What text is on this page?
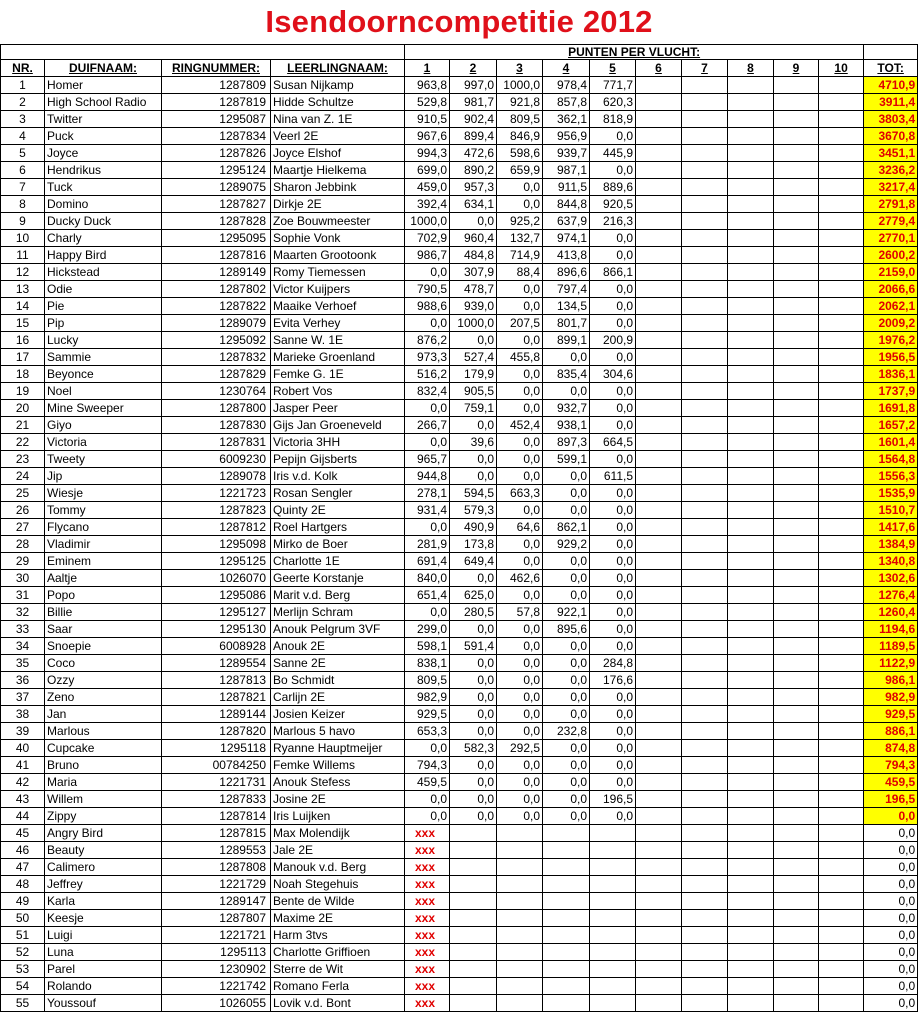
Isendoorncompetitie 2012
				PUNTEN PER VLUCHT:										
NR.	DUIFNAAM:	RINGNUMMER:	LEERLINGNAAM:	1	2	3	4	5	6	7	8	9	10	TOT:
1	Homer	1287809	Susan Nijkamp	963,8	997,0	1000,0	978,4	771,7						4710,9
2	High School Radio	1287819	Hidde Schultze	529,8	981,7	921,8	857,8	620,3						3911,4
3	Twitter	1295087	Nina van Z. 1E	910,5	902,4	809,5	362,1	818,9						3803,4
4	Puck	1287834	Veerl 2E	967,6	899,4	846,9	956,9	0,0						3670,8
5	Joyce	1287826	Joyce Elshof	994,3	472,6	598,6	939,7	445,9						3451,1
6	Hendrikus	1295124	Maartje Hielkema	699,0	890,2	659,9	987,1	0,0						3236,2
7	Tuck	1289075	Sharon Jebbink	459,0	957,3	0,0	911,5	889,6						3217,4
8	Domino	1287827	Dirkje 2E	392,4	634,1	0,0	844,8	920,5						2791,8
9	Ducky Duck	1287828	Zoe Bouwmeester	1000,0	0,0	925,2	637,9	216,3						2779,4
10	Charly	1295095	Sophie Vonk	702,9	960,4	132,7	974,1	0,0						2770,1
11	Happy Bird	1287816	Maarten Grootoonk	986,7	484,8	714,9	413,8	0,0						2600,2
12	Hickstead	1289149	Romy Tiemessen	0,0	307,9	88,4	896,6	866,1						2159,0
13	Odie	1287802	Victor Kuijpers	790,5	478,7	0,0	797,4	0,0						2066,6
14	Pie	1287822	Maaike Verhoef	988,6	939,0	0,0	134,5	0,0						2062,1
15	Pip	1289079	Evita Verhey	0,0	1000,0	207,5	801,7	0,0						2009,2
16	Lucky	1295092	Sanne W. 1E	876,2	0,0	0,0	899,1	200,9						1976,2
17	Sammie	1287832	Marieke Groenland	973,3	527,4	455,8	0,0	0,0						1956,5
18	Beyonce	1287829	Femke G. 1E	516,2	179,9	0,0	835,4	304,6						1836,1
19	Noel	1230764	Robert Vos	832,4	905,5	0,0	0,0	0,0						1737,9
20	Mine Sweeper	1287800	Jasper Peer	0,0	759,1	0,0	932,7	0,0						1691,8
21	Giyo	1287830	Gijs Jan Groeneveld	266,7	0,0	452,4	938,1	0,0						1657,2
22	Victoria	1287831	Victoria 3HH	0,0	39,6	0,0	897,3	664,5						1601,4
23	Tweety	6009230	Pepijn Gijsberts	965,7	0,0	0,0	599,1	0,0						1564,8
24	Jip	1289078	Iris v.d. Kolk	944,8	0,0	0,0	0,0	611,5						1556,3
25	Wiesje	1221723	Rosan Sengler	278,1	594,5	663,3	0,0	0,0						1535,9
26	Tommy	1287823	Quinty 2E	931,4	579,3	0,0	0,0	0,0						1510,7
27	Flycano	1287812	Roel Hartgers	0,0	490,9	64,6	862,1	0,0						1417,6
28	Vladimir	1295098	Mirko de Boer	281,9	173,8	0,0	929,2	0,0						1384,9
29	Eminem	1295125	Charlotte 1E	691,4	649,4	0,0	0,0	0,0						1340,8
30	Aaltje	1026070	Geerte Korstanje	840,0	0,0	462,6	0,0	0,0						1302,6
31	Popo	1295086	Marit v.d. Berg	651,4	625,0	0,0	0,0	0,0						1276,4
32	Billie	1295127	Merlijn Schram	0,0	280,5	57,8	922,1	0,0						1260,4
33	Saar	1295130	Anouk Pelgrum 3VF	299,0	0,0	0,0	895,6	0,0						1194,6
34	Snoepie	6008928	Anouk 2E	598,1	591,4	0,0	0,0	0,0						1189,5
35	Coco	1289554	Sanne 2E	838,1	0,0	0,0	0,0	284,8						1122,9
36	Ozzy	1287813	Bo Schmidt	809,5	0,0	0,0	0,0	176,6						986,1
37	Zeno	1287821	Carlijn 2E	982,9	0,0	0,0	0,0	0,0						982,9
38	Jan	1289144	Josien Keizer	929,5	0,0	0,0	0,0	0,0						929,5
39	Marlous	1287820	Marlous 5 havo	653,3	0,0	0,0	232,8	0,0						886,1
40	Cupcake	1295118	Ryanne Hauptmeijer	0,0	582,3	292,5	0,0	0,0						874,8
41	Bruno	00784250	Femke Willems	794,3	0,0	0,0	0,0	0,0						794,3
42	Maria	1221731	Anouk Stefess	459,5	0,0	0,0	0,0	0,0						459,5
43	Willem	1287833	Josine 2E	0,0	0,0	0,0	0,0	196,5						196,5
44	Zippy	1287814	Iris Luijken	0,0	0,0	0,0	0,0	0,0						0,0
45	Angry Bird	1287815	Max Molendijk	xxx										0,0
46	Beauty	1289553	Jale 2E	xxx										0,0
47	Calimero	1287808	Manouk v.d. Berg	xxx										0,0
48	Jeffrey	1221729	Noah Stegehuis	xxx										0,0
49	Karla	1289147	Bente de Wilde	xxx										0,0
50	Keesje	1287807	Maxime 2E	xxx										0,0
51	Luigi	1221721	Harm 3tvs	xxx										0,0
52	Luna	1295113	Charlotte Griffioen	xxx										0,0
53	Parel	1230902	Sterre de Wit	xxx										0,0
54	Rolando	1221742	Romano Ferla	xxx										0,0
55	Youssouf	1026055	Lovik v.d. Bont	xxx										0,0
